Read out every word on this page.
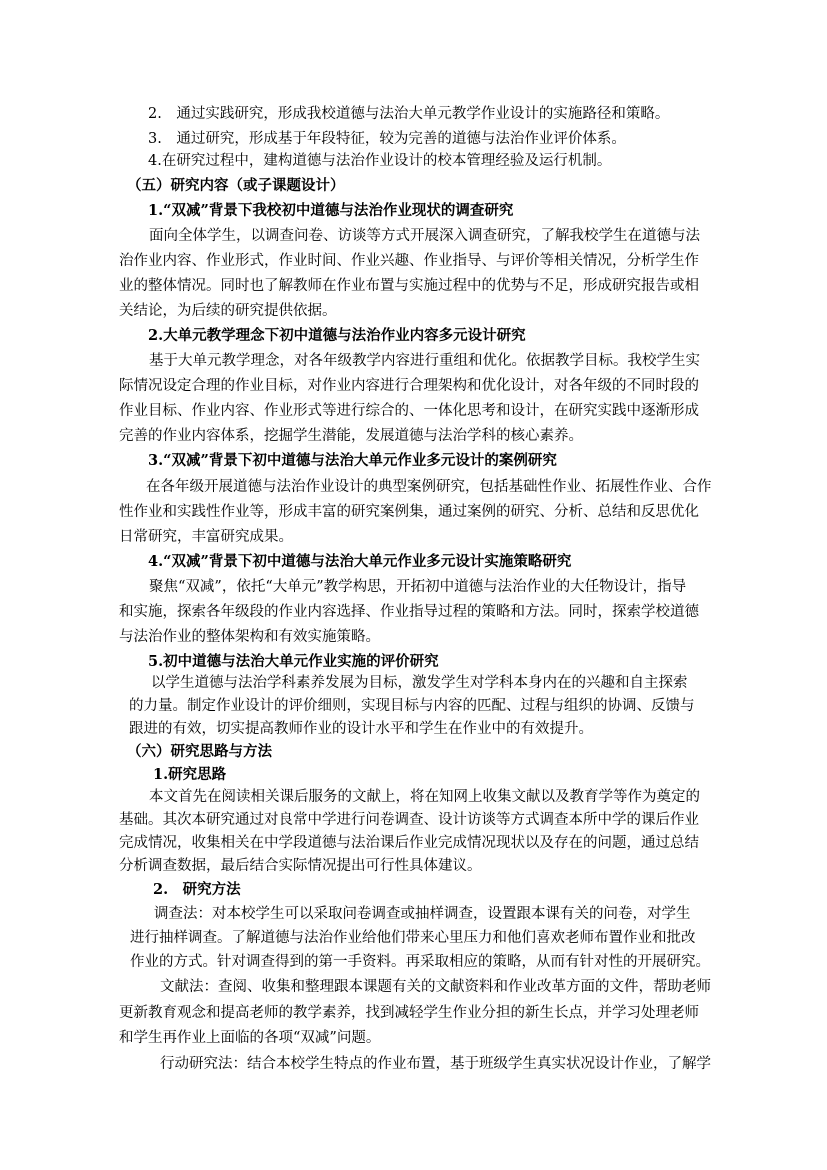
2.　通过实践研究，形成我校道德与法治大单元教学作业设计的实施路径和策略。
3.　通过研究，形成基于年段特征，较为完善的道德与法治作业评价体系。
4.在研究过程中，建构道德与法治作业设计的校本管理经验及运行机制。
（五）研究内容（或子课题设计）
1.“双减”背景下我校初中道德与法治作业现状的调查研究
面向全体学生，以调查问卷、访谈等方式开展深入调查研究，了解我校学生在道德与法
治作业内容、作业形式，作业时间、作业兴趣、作业指导、与评价等相关情况，分析学生作
业的整体情况。同时也了解教师在作业布置与实施过程中的优势与不足，形成研究报告或相
关结论，为后续的研究提供依据。
2.大单元教学理念下初中道德与法治作业内容多元设计研究
基于大单元教学理念，对各年级教学内容进行重组和优化。依据教学目标。我校学生实
际情况设定合理的作业目标，对作业内容进行合理架构和优化设计，对各年级的不同时段的
作业目标、作业内容、作业形式等进行综合的、一体化思考和设计，在研究实践中逐渐形成
完善的作业内容体系，挖掘学生潜能，发展道德与法治学科的核心素养。
3.“双减”背景下初中道德与法治大单元作业多元设计的案例研究
在各年级开展道德与法治作业设计的典型案例研究，包括基础性作业、拓展性作业、合作
性作业和实践性作业等，形成丰富的研究案例集，通过案例的研究、分析、总结和反思优化
日常研究，丰富研究成果。
4.“双减”背景下初中道德与法治大单元作业多元设计实施策略研究
聚焦“双减”，依托“大单元”教学构思，开拓初中道德与法治作业的大任物设计，指导
和实施，探索各年级段的作业内容选择、作业指导过程的策略和方法。同时，探索学校道德
与法治作业的整体架构和有效实施策略。
5.初中道德与法治大单元作业实施的评价研究
以学生道德与法治学科素养发展为目标，激发学生对学科本身内在的兴趣和自主探索
的力量。制定作业设计的评价细则，实现目标与内容的匹配、过程与组织的协调、反馈与
跟进的有效，切实提高教师作业的设计水平和学生在作业中的有效提升。
（六）研究思路与方法
1.研究思路
本文首先在阅读相关课后服务的文献上，将在知网上收集文献以及教育学等作为奠定的
基础。其次本研究通过对良常中学进行问卷调查、设计访谈等方式调查本所中学的课后作业
完成情况，收集相关在中学段道德与法治课后作业完成情况现状以及存在的问题，通过总结
分析调查数据，最后结合实际情况提出可行性具体建议。
2.　研究方法
调查法：对本校学生可以采取问卷调查或抽样调查，设置跟本课有关的问卷，对学生
进行抽样调查。了解道德与法治作业给他们带来心里压力和他们喜欢老师布置作业和批改
作业的方式。针对调查得到的第一手资料。再采取相应的策略，从而有针对性的开展研究。
文献法：查阅、收集和整理跟本课题有关的文献资料和作业改革方面的文件，帮助老师
更新教育观念和提高老师的教学素养，找到减轻学生作业分担的新生长点，并学习处理老师
和学生再作业上面临的各项“双减”问题。
行动研究法：结合本校学生特点的作业布置，基于班级学生真实状况设计作业，了解学
